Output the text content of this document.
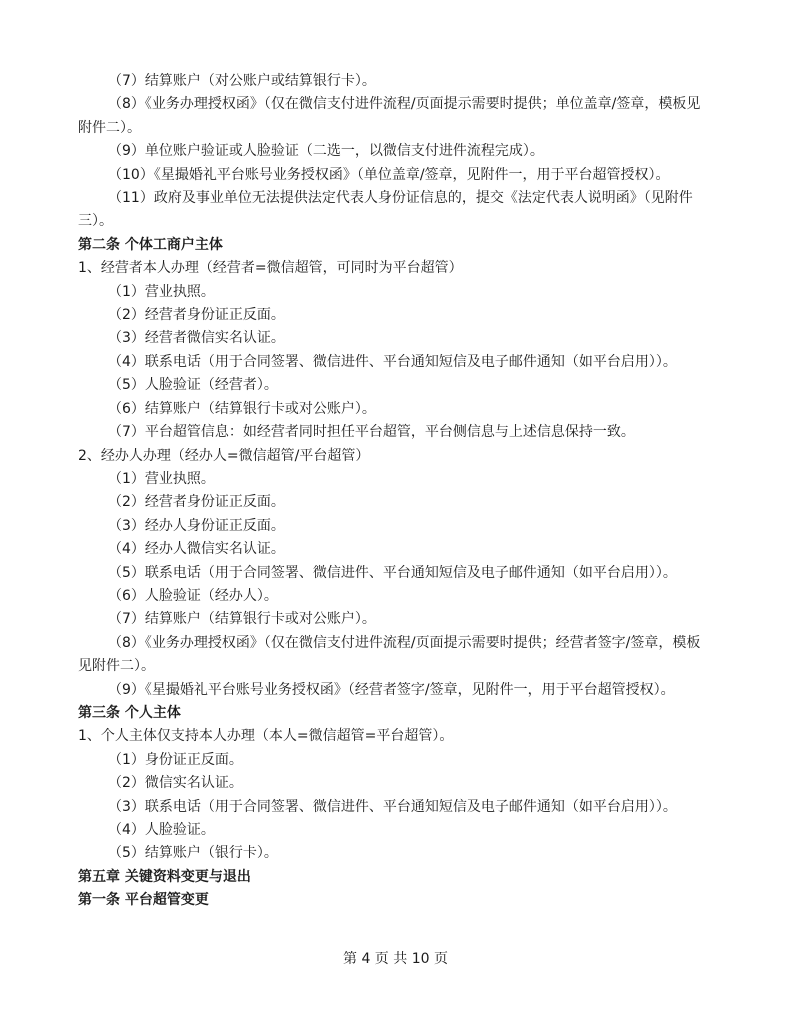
（7）结算账户（对公账户或结算银行卡）。

（8）《业务办理授权函》（仅在微信支付进件流程/页面提示需要时提供；单位盖章/签章，模板见附件二）。

（9）单位账户验证或人脸验证（二选一，以微信支付进件流程完成）。

（10）《星撮婚礼平台账号业务授权函》（单位盖章/签章，见附件一，用于平台超管授权）。

（11）政府及事业单位无法提供法定代表人身份证信息的，提交《法定代表人说明函》（见附件三）。

第二条 个体工商户主体

1、经营者本人办理（经营者=微信超管，可同时为平台超管）

（1）营业执照。

（2）经营者身份证正反面。

（3）经营者微信实名认证。

（4）联系电话（用于合同签署、微信进件、平台通知短信及电子邮件通知（如平台启用））。

（5）人脸验证（经营者）。

（6）结算账户（结算银行卡或对公账户）。

（7）平台超管信息：如经营者同时担任平台超管，平台侧信息与上述信息保持一致。

2、经办人办理（经办人=微信超管/平台超管）

（1）营业执照。

（2）经营者身份证正反面。

（3）经办人身份证正反面。

（4）经办人微信实名认证。

（5）联系电话（用于合同签署、微信进件、平台通知短信及电子邮件通知（如平台启用））。

（6）人脸验证（经办人）。

（7）结算账户（结算银行卡或对公账户）。

（8）《业务办理授权函》（仅在微信支付进件流程/页面提示需要时提供；经营者签字/签章，模板见附件二）。

（9）《星撮婚礼平台账号业务授权函》（经营者签字/签章，见附件一，用于平台超管授权）。

第三条 个人主体

1、个人主体仅支持本人办理（本人=微信超管=平台超管）。

（1）身份证正反面。

（2）微信实名认证。

（3）联系电话（用于合同签署、微信进件、平台通知短信及电子邮件通知（如平台启用））。

（4）人脸验证。

（5）结算账户（银行卡）。

第五章 关键资料变更与退出

第一条 平台超管变更

第 4 页 共 10 页
